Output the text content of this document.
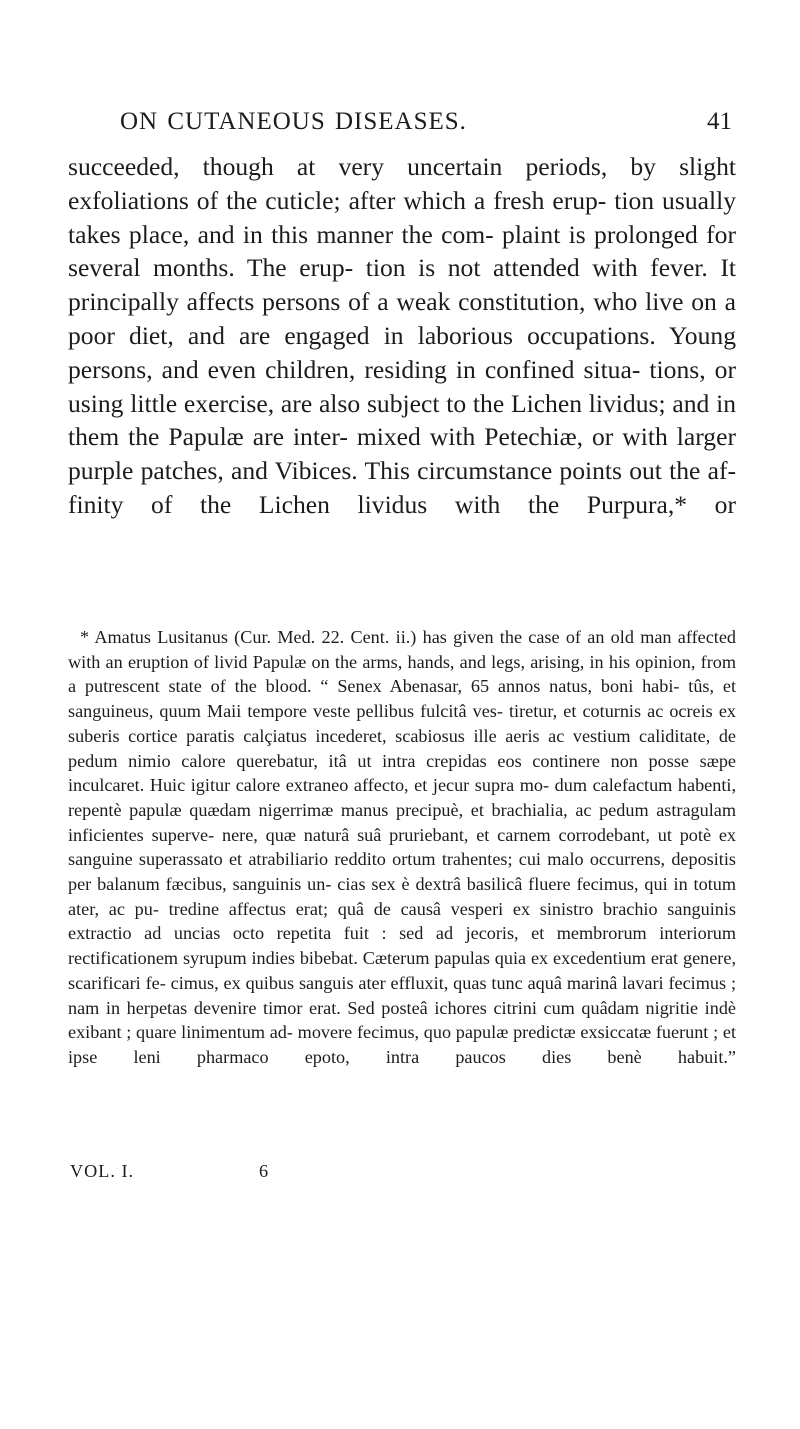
ON CUTANEOUS DISEASES.	41
succeeded, though at very uncertain periods, by slight exfoliations of the cuticle; after which a fresh erup- tion usually takes place, and in this manner the com- plaint is prolonged for several months. The erup- tion is not attended with fever. It principally affects persons of a weak constitution, who live on a poor diet, and are engaged in laborious occupations. Young persons, and even children, residing in confined situa- tions, or using little exercise, are also subject to the Lichen lividus; and in them the Papulæ are inter- mixed with Petechiæ, or with larger purple patches, and Vibices. This circumstance points out the af- finity of the Lichen lividus with the Purpura,* or
* Amatus Lusitanus (Cur. Med. 22. Cent. ii.) has given the case of an old man affected with an eruption of livid Papulæ on the arms, hands, and legs, arising, in his opinion, from a putrescent state of the blood. “ Senex Abenasar, 65 annos natus, boni habi- tûs, et sanguineus, quum Maii tempore veste pellibus fulcitâ ves- tiretur, et coturnis ac ocreis ex suberis cortice paratis calçiatus incederet, scabiosus ille aeris ac vestium caliditate, de pedum nimio calore querebatur, itâ ut intra crepidas eos continere non posse sæpe inculcaret. Huic igitur calore extraneo affecto, et jecur supra mo- dum calefactum habenti, repentè papulæ quædam nigerrimæ manus precipuè, et brachialia, ac pedum astragulam inficientes superve- nere, quæ naturâ suâ pruriebant, et carnem corrodebant, ut potè ex sanguine superassato et atrabiliario reddito ortum trahentes; cui malo occurrens, depositis per balanum fæcibus, sanguinis un- cias sex è dextrâ basilicâ fluere fecimus, qui in totum ater, ac pu- tredine affectus erat; quâ de causâ vesperi ex sinistro brachio sanguinis extractio ad uncias octo repetita fuit : sed ad jecoris, et membrorum interiorum rectificationem syrupum indies bibebat. Cæterum papulas quia ex excedentium erat genere, scarificari fe- cimus, ex quibus sanguis ater effluxit, quas tunc aquâ marinâ lavari fecimus ; nam in herpetas devenire timor erat. Sed posteâ ichores citrini cum quâdam nigritie indè exibant ; quare linimentum ad- movere fecimus, quo papulæ predictæ exsiccatæ fuerunt ; et ipse leni pharmaco epoto, intra paucos dies benè habuit.”
VOL. I.	6
